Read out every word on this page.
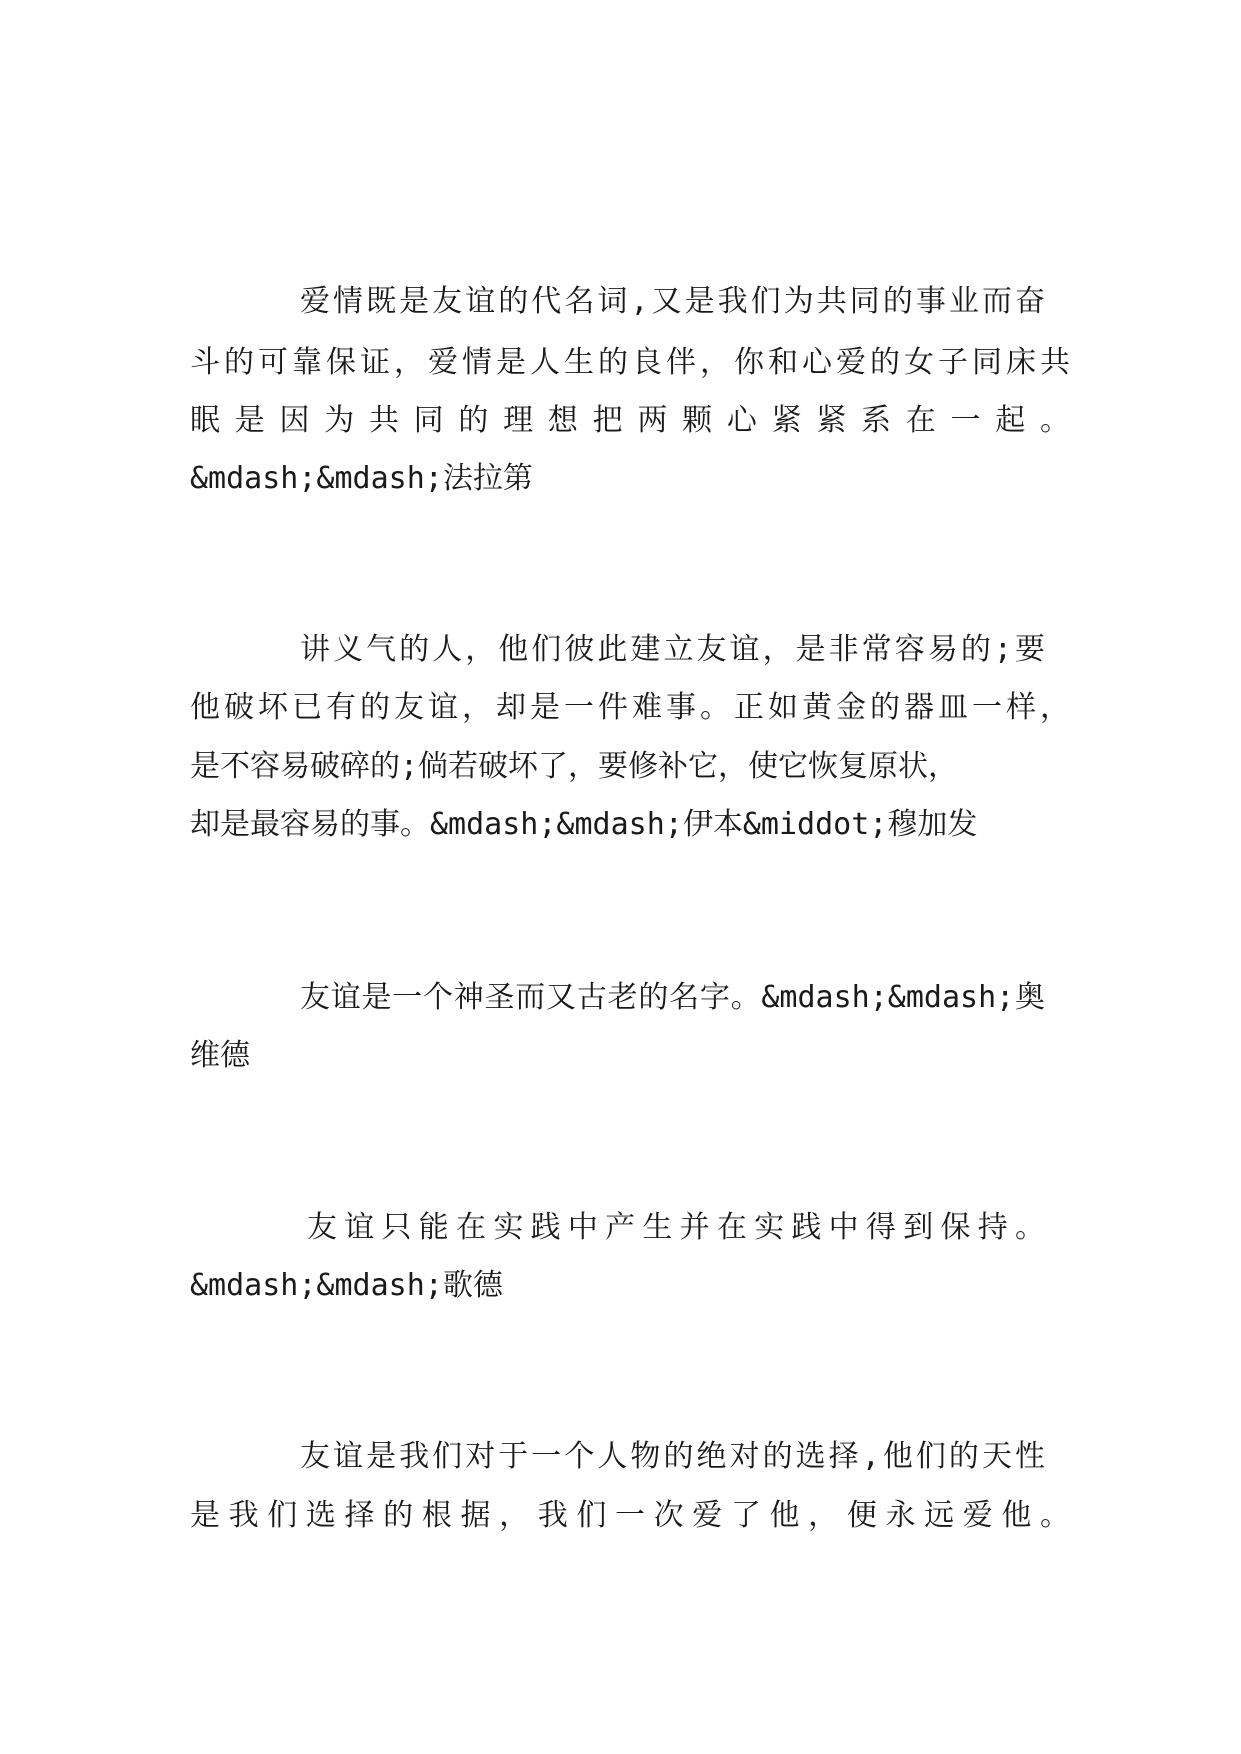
爱情既是友谊的代名词,又是我们为共同的事业而奋
斗的可靠保证，爱情是人生的良伴，你和心爱的女子同床共
眠是因为共同的理想把两颗心紧紧系在一起。
&mdash;&mdash;法拉第
讲义气的人，他们彼此建立友谊，是非常容易的;要
他破坏已有的友谊，却是一件难事。正如黄金的器皿一样，
是不容易破碎的;倘若破坏了，要修补它，使它恢复原状，
却是最容易的事。&mdash;&mdash;伊本&middot;穆加发
友谊是一个神圣而又古老的名字。&mdash;&mdash;奥
维德
友谊只能在实践中产生并在实践中得到保持。
&mdash;&mdash;歌德
友谊是我们对于一个人物的绝对的选择,他们的天性
是我们选择的根据，我们一次爱了他，便永远爱他。
